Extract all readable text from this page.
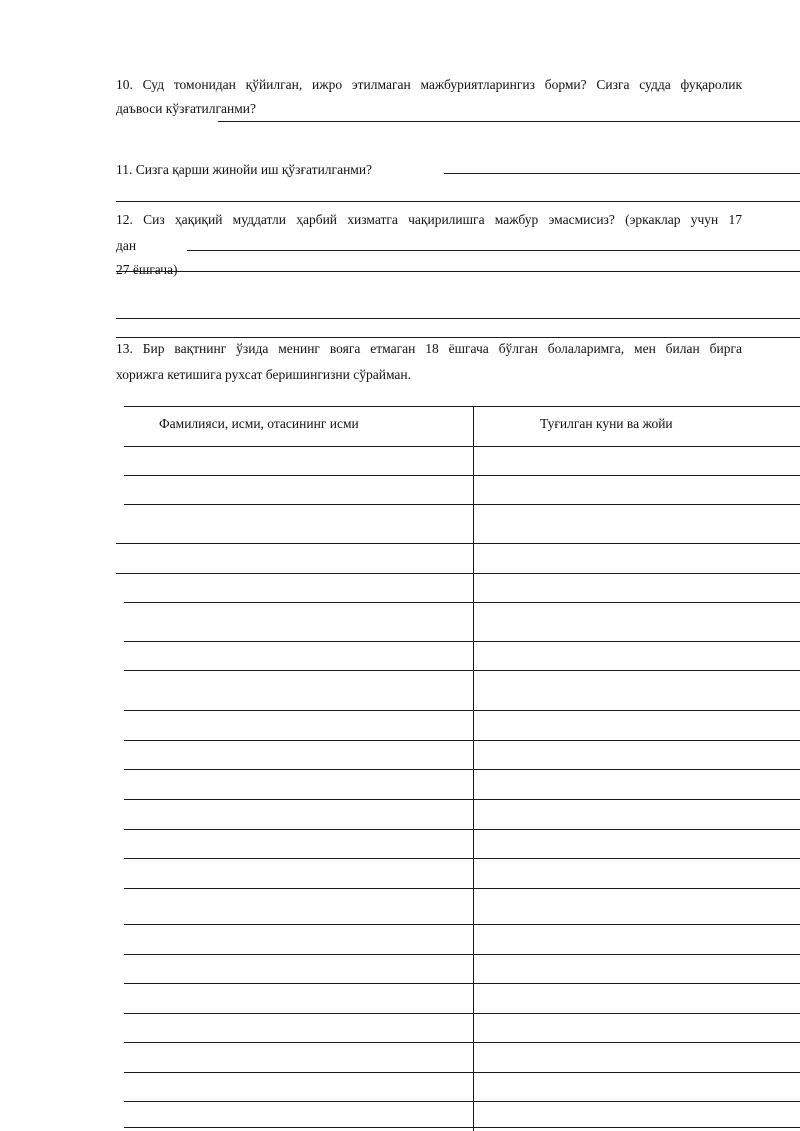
10. Суд томонидан қўйилган, ижро этилмаган мажбуриятларингиз борми? Сизга судда фуқаролик
даъвоси кўзғатилганми?
11. Сизга қарши жинойи иш қўзғатилганми?
12. Сиз ҳақиқий муддатли ҳарбий хизматга чақирилишга мажбур эмасмисиз? (эркаклар учун 17
дан
27 ёшгача)
13. Бир вақтнинг ўзида менинг воягa етмаган 18 ёшгача бўлган болаларимга, мен билан бирга
хорижга кетишига рухсат беришингизни сўрайман.
Фамилияси, исми, отасининг исми	Туғилган куни ва жойи
